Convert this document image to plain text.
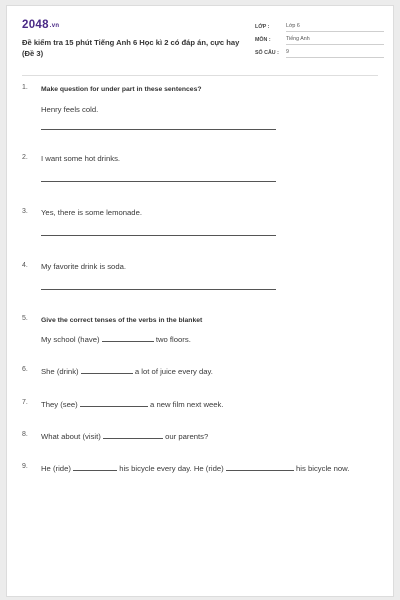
2048.vn
Đề kiểm tra 15 phút Tiếng Anh 6 Học kì 2 có đáp án, cực hay (Đề 3)
LỚP :	Lớp 6
MÔN :	Tiếng Anh
SỐ CÂU : 9
1. Make question for under part in these sentences?
Henry feels cold.
2. I want some hot drinks.
3. Yes, there is some lemonade.
4. My favorite drink is soda.
5. Give the correct tenses of the verbs in the blanket
My school (have)	two floors.
6. She (drink)	a lot of juice every day.
7. They (see)	a new film next week.
8. What about (visit)	our parents?
9. He (ride)	his bicycle every day. He (ride)	his bicycle now.
